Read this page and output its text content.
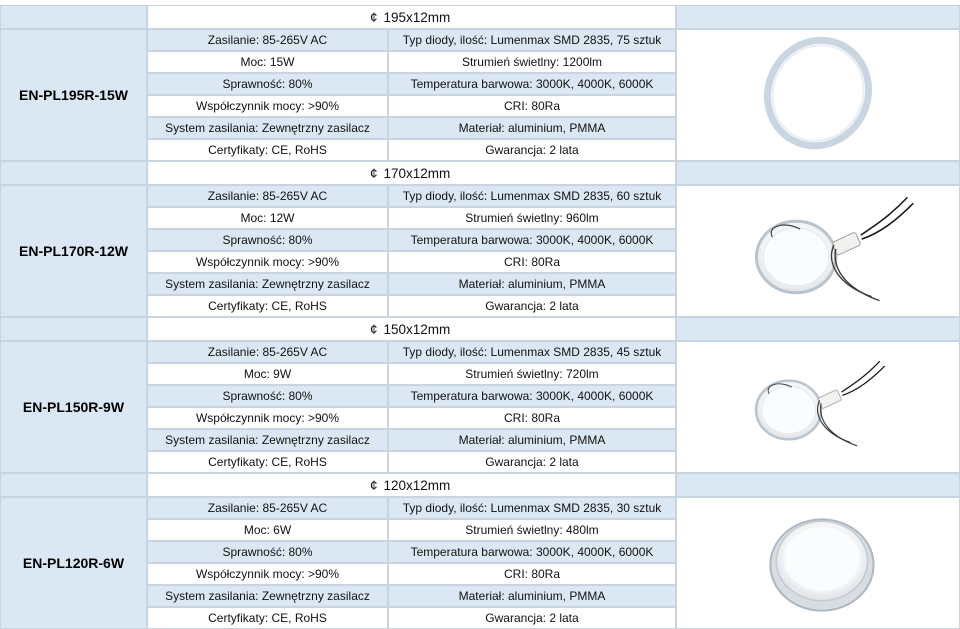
¢ 195x12mm
EN-PL195R-15W
Zasilanie: 85-265V AC	Typ diody, ilość: Lumenmax SMD 2835, 75 sztuk
Moc: 15W	Strumień świetlny: 1200lm
Sprawność: 80%	Temperatura barwowa: 3000K, 4000K, 6000K
Współczynnik mocy: >90%	CRI: 80Ra
System zasilania: Zewnętrzny zasilacz	Materiał: aluminium, PMMA
Certyfikaty: CE, RoHS	Gwarancja: 2 lata
¢ 170x12mm
EN-PL170R-12W
Zasilanie: 85-265V AC	Typ diody, ilość: Lumenmax SMD 2835, 60 sztuk
Moc: 12W	Strumień świetlny: 960lm
Sprawność: 80%	Temperatura barwowa: 3000K, 4000K, 6000K
Współczynnik mocy: >90%	CRI: 80Ra
System zasilania: Zewnętrzny zasilacz	Materiał: aluminium, PMMA
Certyfikaty: CE, RoHS	Gwarancja: 2 lata
¢ 150x12mm
EN-PL150R-9W
Zasilanie: 85-265V AC	Typ diody, ilość: Lumenmax SMD 2835, 45 sztuk
Moc: 9W	Strumień świetlny: 720lm
Sprawność: 80%	Temperatura barwowa: 3000K, 4000K, 6000K
Współczynnik mocy: >90%	CRI: 80Ra
System zasilania: Zewnętrzny zasilacz	Materiał: aluminium, PMMA
Certyfikaty: CE, RoHS	Gwarancja: 2 lata
¢ 120x12mm
EN-PL120R-6W
Zasilanie: 85-265V AC	Typ diody, ilość: Lumenmax SMD 2835, 30 sztuk
Moc: 6W	Strumień świetlny: 480lm
Sprawność: 80%	Temperatura barwowa: 3000K, 4000K, 6000K
Współczynnik mocy: >90%	CRI: 80Ra
System zasilania: Zewnętrzny zasilacz	Materiał: aluminium, PMMA
Certyfikaty: CE, RoHS	Gwarancja: 2 lata
